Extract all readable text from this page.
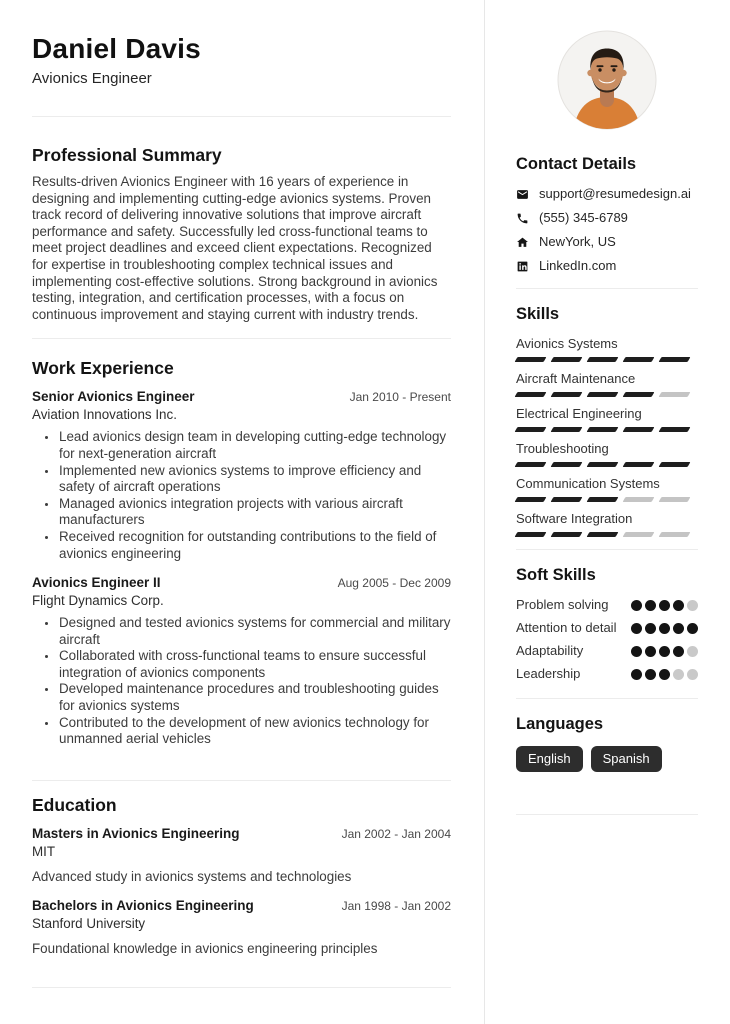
Daniel Davis
Avionics Engineer
Professional Summary

Results-driven Avionics Engineer with 16 years of experience in designing and implementing cutting-edge avionics systems. Proven track record of delivering innovative solutions that improve aircraft performance and safety. Successfully led cross-functional teams to meet project deadlines and exceed client expectations. Recognized for expertise in troubleshooting complex technical issues and implementing cost-effective solutions. Strong background in avionics testing, integration, and certification processes, with a focus on continuous improvement and staying current with industry trends.

Work Experience
Senior Avionics Engineer	Jan 2010 - Present
Aviation Innovations Inc.
• Lead avionics design team in developing cutting-edge technology for next-generation aircraft
• Implemented new avionics systems to improve efficiency and safety of aircraft operations
• Managed avionics integration projects with various aircraft manufacturers
• Received recognition for outstanding contributions to the field of avionics engineering
Avionics Engineer II	Aug 2005 - Dec 2009
Flight Dynamics Corp.
• Designed and tested avionics systems for commercial and military aircraft
• Collaborated with cross-functional teams to ensure successful integration of avionics components
• Developed maintenance procedures and troubleshooting guides for avionics systems
• Contributed to the development of new avionics technology for unmanned aerial vehicles
Education
Masters in Avionics Engineering	Jan 2002 - Jan 2004
MIT

Advanced study in avionics systems and technologies

Bachelors in Avionics Engineering	Jan 1998 - Jan 2002
Stanford University

Foundational knowledge in avionics engineering principles

Contact Details
support@resumedesign.ai
(555) 345-6789
NewYork, US
LinkedIn.com
Skills
Avionics Systems
Aircraft Maintenance
Electrical Engineering
Troubleshooting
Communication Systems
Software Integration
Soft Skills
Problem solving
Attention to detail
Adaptability
Leadership
Languages
English	Spanish
